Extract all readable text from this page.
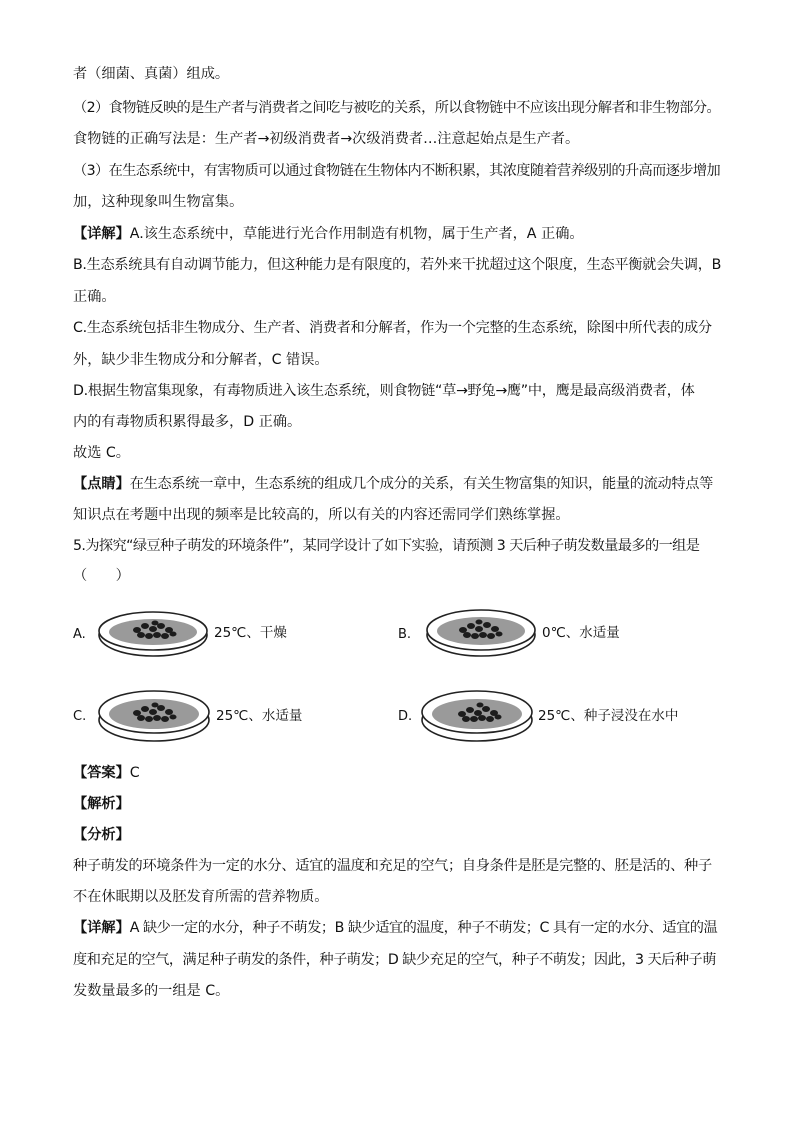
者（细菌、真菌）组成。
（2）食物链反映的是生产者与消费者之间吃与被吃的关系，所以食物链中不应该出现分解者和非生物部分。
食物链的正确写法是：生产者→初级消费者→次级消费者…注意起始点是生产者。
（3）在生态系统中，有害物质可以通过食物链在生物体内不断积累，其浓度随着营养级别的升高而逐步增加
加，这种现象叫生物富集。
【详解】A.该生态系统中，草能进行光合作用制造有机物，属于生产者，A 正确。
B.生态系统具有自动调节能力，但这种能力是有限度的，若外来干扰超过这个限度，生态平衡就会失调，B
正确。
C.生态系统包括非生物成分、生产者、消费者和分解者，作为一个完整的生态系统，除图中所代表的成分
外，缺少非生物成分和分解者，C 错误。
D.根据生物富集现象，有毒物质进入该生态系统，则食物链“草→野兔→鹰”中，鹰是最高级消费者，体
内的有毒物质积累得最多，D 正确。
故选 C。
【点睛】在生态系统一章中，生态系统的组成几个成分的关系，有关生物富集的知识，能量的流动特点等
知识点在考题中出现的频率是比较高的，所以有关的内容还需同学们熟练掌握。
5.为探究“绿豆种子萌发的环境条件”，某同学设计了如下实验，请预测 3 天后种子萌发数量最多的一组是
（　　）
A.	25℃、干燥	B.	0℃、水适量
C.	25℃、水适量	D.	25℃、种子浸没在水中
【答案】C
【解析】
【分析】
种子萌发的环境条件为一定的水分、适宜的温度和充足的空气；自身条件是胚是完整的、胚是活的、种子
不在休眠期以及胚发育所需的营养物质。
【详解】A 缺少一定的水分，种子不萌发；B 缺少适宜的温度，种子不萌发；C 具有一定的水分、适宜的温
度和充足的空气，满足种子萌发的条件，种子萌发；D 缺少充足的空气，种子不萌发；因此，3 天后种子萌
发数量最多的一组是 C。
